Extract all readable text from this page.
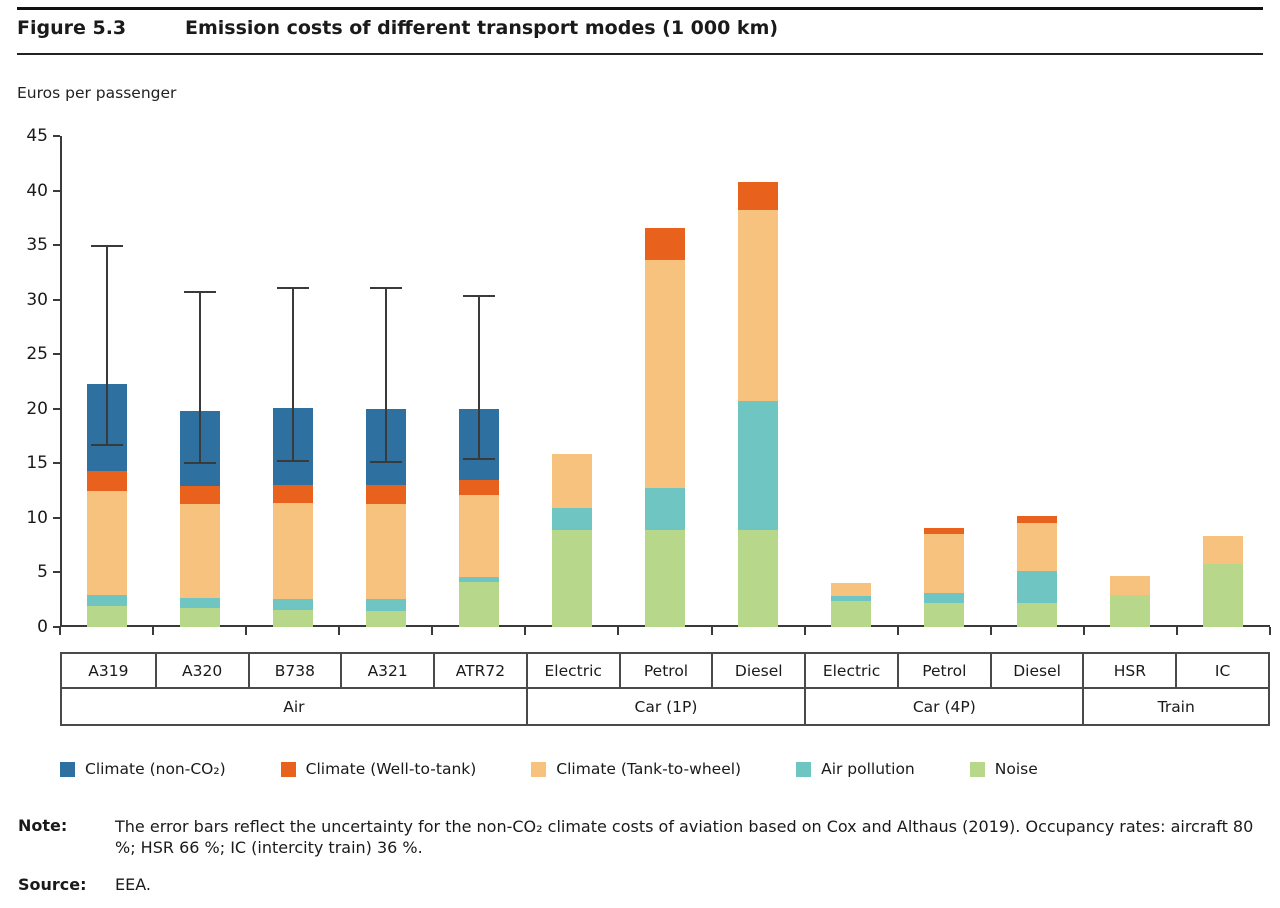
Figure 5.3	Emission costs of different transport modes (1 000 km)
Euros per passenger
A319	A320	B738	A321	ATR72	Electric	Petrol	Diesel	Electric	Petrol	Diesel	HSR	IC
Air	Car (1P)	Car (4P)	Train
Climate (non-CO₂)	Climate (Well-to-tank)	Climate (Tank-to-wheel)	Air pollution	Noise
Note:	The error bars reflect the uncertainty for the non-CO₂ climate costs of aviation based on Cox and Althaus (2019). Occupancy rates: aircraft 80 %; HSR 66 %; IC (intercity train) 36 %.
Source: EEA.
0
5
10
15
20
25
30
35
40
45
